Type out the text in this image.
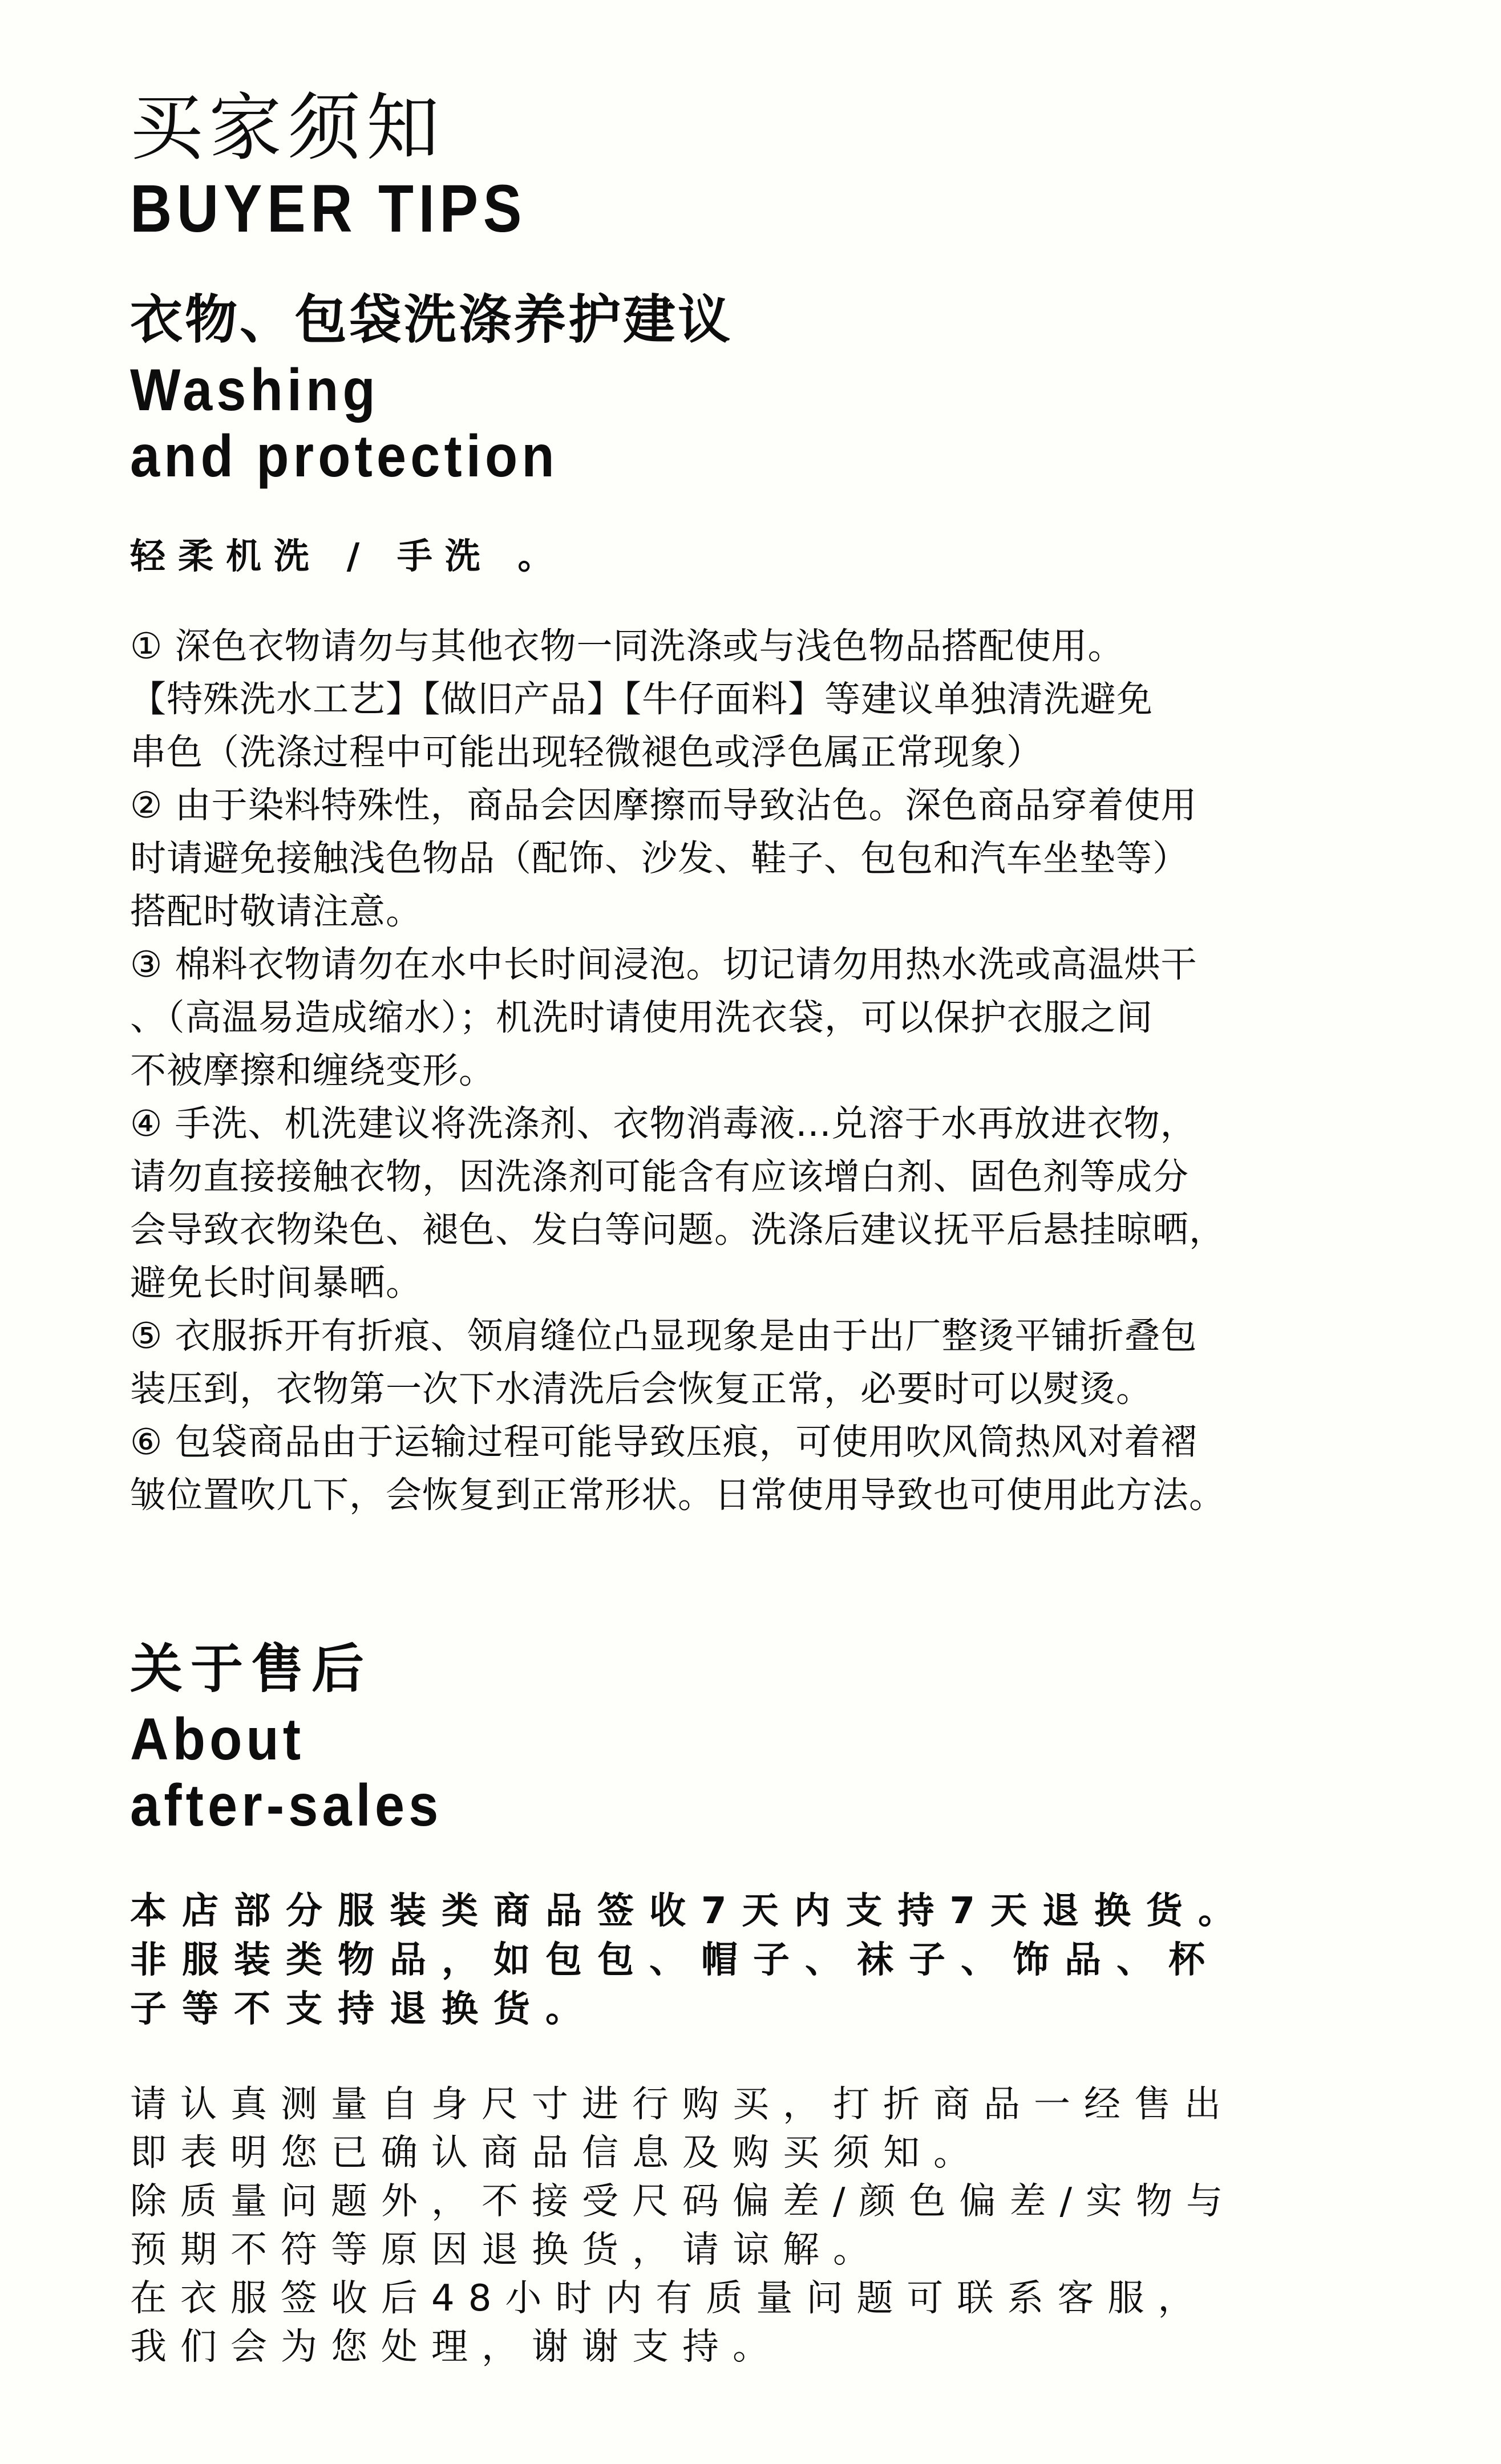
买家须知
BUYER TIPS
衣物、包袋洗涤养护建议
Washing
and protection
轻柔机洗 / 手洗 。

① 深色衣物请勿与其他衣物一同洗涤或与浅色物品搭配使用。

【特殊洗水工艺】【做旧产品】【牛仔面料】等建议单独清洗避免

串色（洗涤过程中可能出现轻微褪色或浮色属正常现象）

② 由于染料特殊性，商品会因摩擦而导致沾色。深色商品穿着使用

时请避免接触浅色物品（配饰、沙发、鞋子、包包和汽车坐垫等）

搭配时敬请注意。

③ 棉料衣物请勿在水中长时间浸泡。切记请勿用热水洗或高温烘干

、（高温易造成缩水）；机洗时请使用洗衣袋，可以保护衣服之间

不被摩擦和缠绕变形。

④ 手洗、机洗建议将洗涤剂、衣物消毒液...兑溶于水再放进衣物，

请勿直接接触衣物，因洗涤剂可能含有应该增白剂、固色剂等成分

会导致衣物染色、褪色、发白等问题。洗涤后建议抚平后悬挂晾晒，

避免长时间暴晒。

⑤ 衣服拆开有折痕、领肩缝位凸显现象是由于出厂整烫平铺折叠包

装压到，衣物第一次下水清洗后会恢复正常，必要时可以熨烫。

⑥ 包袋商品由于运输过程可能导致压痕，可使用吹风筒热风对着褶

皱位置吹几下，会恢复到正常形状。日常使用导致也可使用此方法。

关于售后
About
after-sales

本店部分服装类商品签收7天内支持7天退换货。

非服装类物品，如包包、帽子、袜子、饰品、杯

子等不支持退换货。

请认真测量自身尺寸进行购买，打折商品一经售出

即表明您已确认商品信息及购买须知。

除质量问题外，不接受尺码偏差/颜色偏差/实物与

预期不符等原因退换货，请谅解。

在衣服签收后48小时内有质量问题可联系客服，

我们会为您处理，谢谢支持。
